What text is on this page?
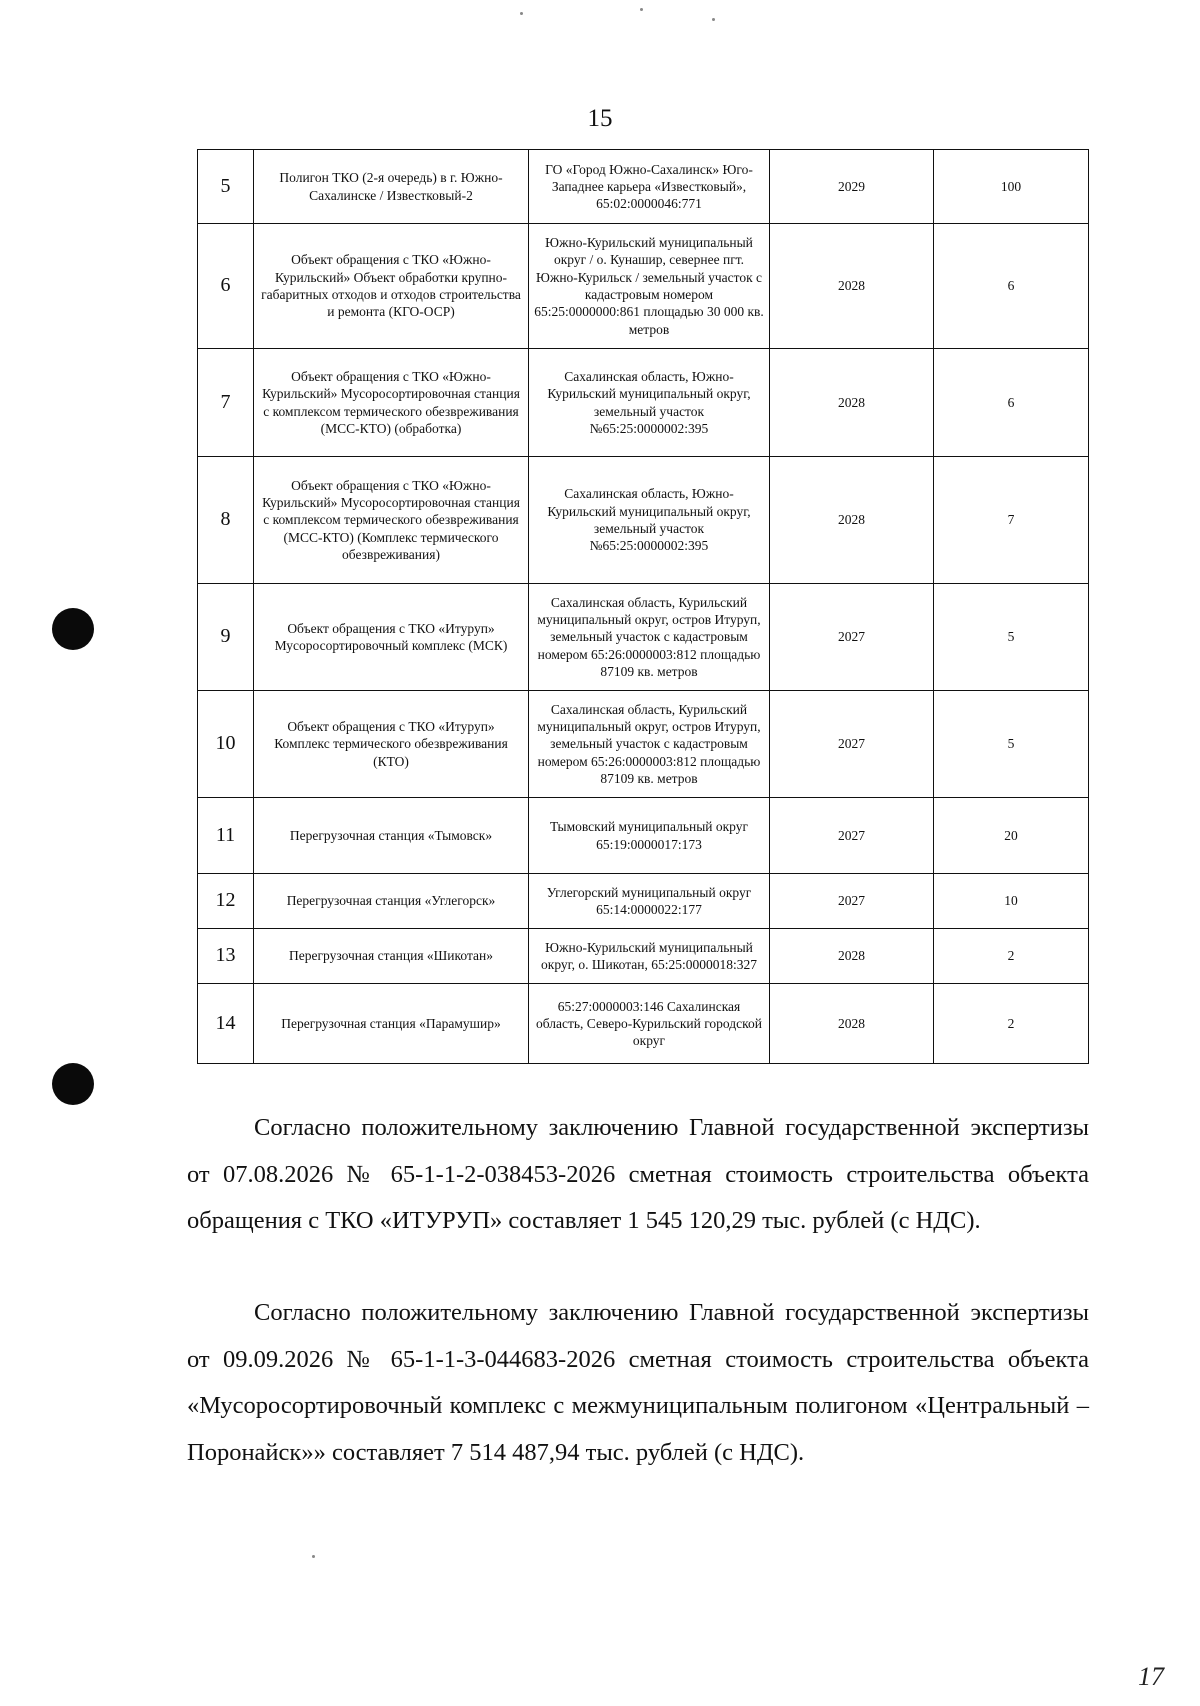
15
5	Полигон ТКО (2-я очередь) в г. Южно-Сахалинске / Известковый-2	ГО «Город Южно-Сахалинск» Юго-Западнее карьера «Известковый», 65:02:0000046:771	2029	100
6	Объект обращения с ТКО «Южно-Курильский» Объект обработки крупно-габаритных отходов и отходов строительства и ремонта (КГО-ОСР)	Южно-Курильский муниципальный округ / о. Кунашир, севернее пгт. Южно-Курильск / земельный участок с кадастровым номером 65:25:0000000:861 площадью 30 000 кв. метров	2028	6
7	Объект обращения с ТКО «Южно-Курильский» Мусоросортировочная станция с комплексом термического обезвреживания (МСС-КТО) (обработка)	Сахалинская область, Южно-Курильский муниципальный округ, земельный участок №65:25:0000002:395	2028	6
8	Объект обращения с ТКО «Южно-Курильский» Мусоросортировочная станция с комплексом термического обезвреживания (МСС-КТО) (Комплекс термического обезвреживания)	Сахалинская область, Южно-Курильский муниципальный округ, земельный участок №65:25:0000002:395	2028	7
9	Объект обращения с ТКО «Итуруп» Мусоросортировочный комплекс (МСК)	Сахалинская область, Курильский муниципальный округ, остров Итуруп, земельный участок с кадастровым номером 65:26:0000003:812 площадью 87109 кв. метров	2027	5
10	Объект обращения с ТКО «Итуруп» Комплекс термического обезвреживания (КТО)	Сахалинская область, Курильский муниципальный округ, остров Итуруп, земельный участок с кадастровым номером 65:26:0000003:812 площадью 87109 кв. метров	2027	5
11	Перегрузочная станция «Тымовск»	Тымовский муниципальный округ 65:19:0000017:173	2027	20
12	Перегрузочная станция «Углегорск»	Углегорский муниципальный округ 65:14:0000022:177	2027	10
13	Перегрузочная станция «Шикотан»	Южно-Курильский муниципальный округ, о. Шикотан, 65:25:0000018:327	2028	2
14	Перегрузочная станция «Парамушир»	65:27:0000003:146 Сахалинская область, Северо-Курильский городской округ	2028	2

Согласно положительному заключению Главной государственной экспертизы от 07.08.2026 № 65-1-1-2-038453-2026 сметная стоимость строительства объекта обращения с ТКО «ИТУРУП» составляет 1 545 120,29 тыс. рублей (с НДС).

Согласно положительному заключению Главной государственной экспертизы от 09.09.2026 № 65-1-1-3-044683-2026 сметная стоимость строительства объекта «Мусоросортировочный комплекс с межмуниципальным полигоном «Центральный – Поронайск»» составляет 7 514 487,94 тыс. рублей (с НДС).

17
